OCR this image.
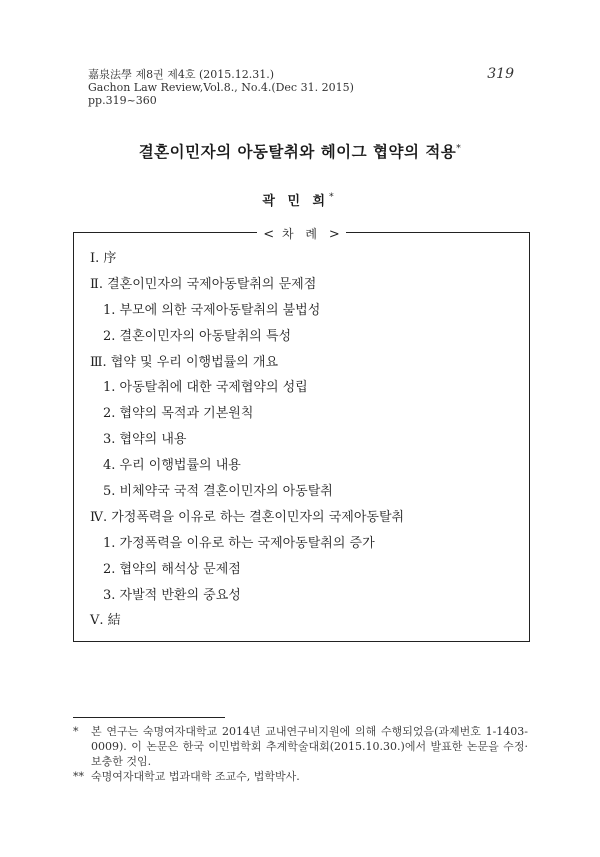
嘉泉法學 제8권 제4호 (2015.12.31.)
Gachon Law Review,Vol.8., No.4.(Dec 31. 2015)
pp.319~360
319
결혼이민자의 아동탈취와 헤이그 협약의 적용*
곽 민 희*
< 차 례 >
Ⅰ. 序
Ⅱ. 결혼이민자의 국제아동탈취의 문제점
1. 부모에 의한 국제아동탈취의 불법성
2. 결혼이민자의 아동탈취의 특성
Ⅲ. 협약 및 우리 이행법률의 개요
1. 아동탈취에 대한 국제협약의 성립
2. 협약의 목적과 기본원칙
3. 협약의 내용
4. 우리 이행법률의 내용
5. 비체약국 국적 결혼이민자의 아동탈취
Ⅳ. 가정폭력을 이유로 하는 결혼이민자의 국제아동탈취
1. 가정폭력을 이유로 하는 국제아동탈취의 증가
2. 협약의 해석상 문제점
3. 자발적 반환의 중요성
Ⅴ. 結
* 본 연구는 숙명여자대학교 2014년 교내연구비지원에 의해 수행되었음(과제번호 1-1403-0009). 이 논문은 한국 이민법학회 추계학술대회(2015.10.30.)에서 발표한 논문을 수정·보충한 것임.
** 숙명여자대학교 법과대학 조교수, 법학박사.
